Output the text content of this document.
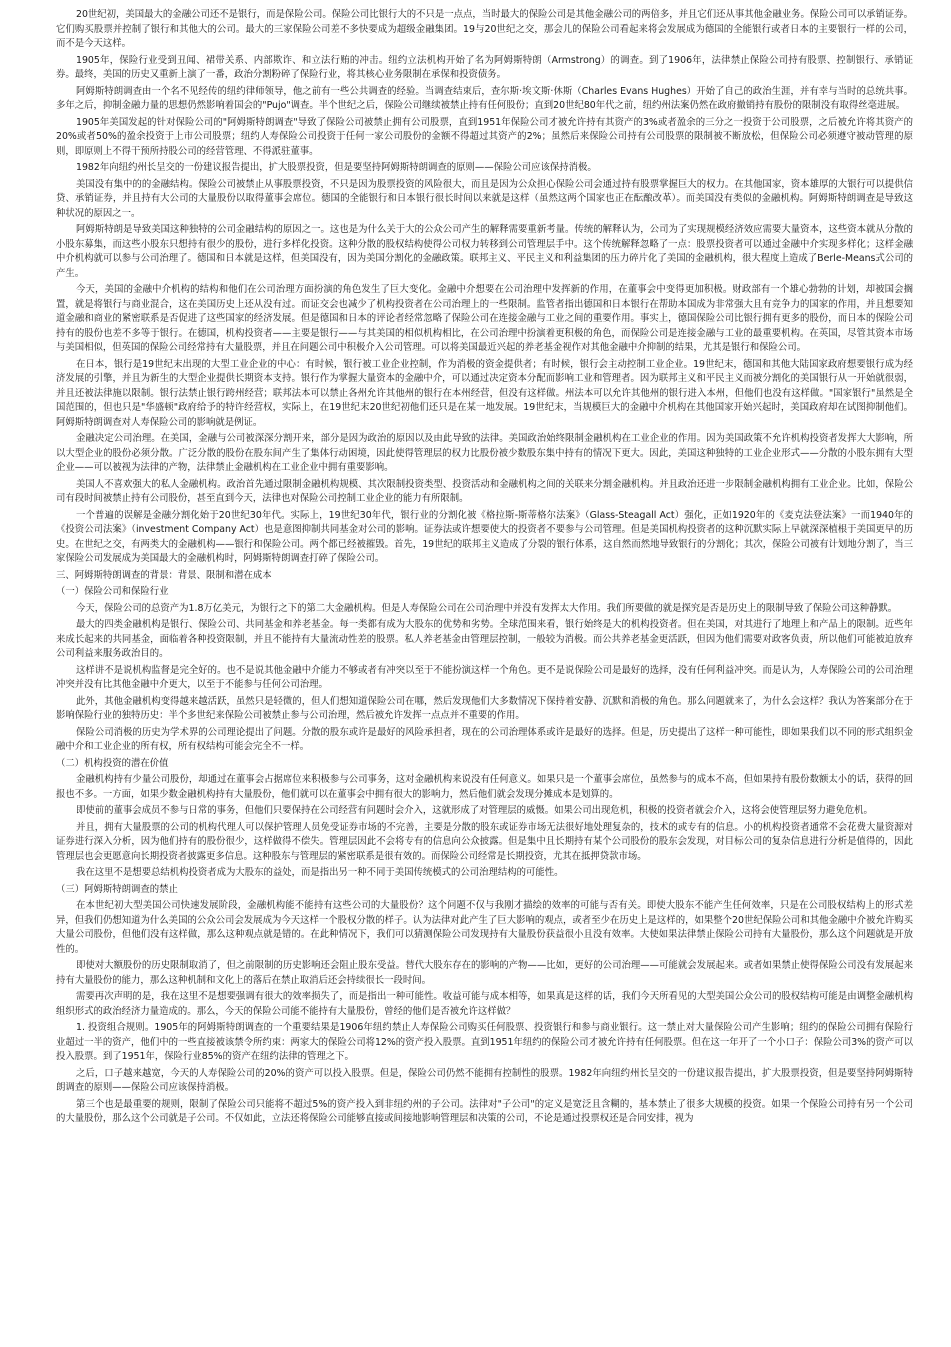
20世纪初，美国最大的金融公司还不是银行，而是保险公司。保险公司比银行大的不只是一点点，当时最大的保险公司是其他金融公司的两倍多，并且它们还从事其他金融业务。保险公司可以承销证券。它们购买股票并控制了银行和其他大的公司。最大的三家保险公司差不多快要成为超级金融集团。19与20世纪之交，那会儿的保险公司看起来将会发展成为德国的全能银行或者日本的主要银行一样的公司，而不是今天这样。

1905年，保险行业受到丑闻、裙带关系、内部欺诈、和立法行贿的冲击。纽约立法机构开始了名为阿姆斯特朗（Armstrong）的调查。到了1906年，法律禁止保险公司持有股票、控制银行、承销证券。最终，美国的历史又重新上演了一番，政治分割粉碎了保险行业，将其核心业务限制在承保和投资债务。

阿姆斯特朗调查由一个名不见经传的纽约律师领导，他之前有一些公共调查的经验。当调查结束后，查尔斯·埃文斯·休斯（Charles Evans Hughes）开始了自己的政治生涯，并有幸与当时的总统共事。多年之后，抑制金融力量的思想仍然影响着国会的"Pujo"调查。半个世纪之后，保险公司继续被禁止持有任何股份；直到20世纪80年代之前，纽约州法案仍然在政府撤销持有股份的限制没有取得丝毫进展。

1905年美国发起的针对保险公司的"阿姆斯特朗调查"导致了保险公司被禁止拥有公司股票，直到1951年保险公司才被允许持有其资产的3%或者盈余的三分之一投资于公司股票，之后被允许将其资产的20%或者50%的盈余投资于上市公司股票；纽约人寿保险公司投资于任何一家公司股份的金额不得超过其资产的2%；虽然后来保险公司持有公司股票的限制被不断放松，但保险公司必须遵守被动管理的原则，即原则上不得干预所持股公司的经营管理、不得派驻董事。

1982年向纽约州长呈交的一份建议报告提出，扩大股票投资，但是要坚持阿姆斯特朗调查的原则——保险公司应该保持消极。

美国没有集中的的金融结构。保险公司被禁止从事股票投资，不只是因为股票投资的风险很大，而且是因为公众担心保险公司会通过持有股票掌握巨大的权力。在其他国家，资本雄厚的大银行可以提供信贷、承销证券，并且持有大公司的大量股份以取得董事会席位。德国的全能银行和日本银行很长时间以来就是这样（虽然这两个国家也正在酝酿改革）。而美国没有类似的金融机构。阿姆斯特朗调查是导致这种状况的原因之一。

阿姆斯特朗是导致美国这种独特的公司金融结构的原因之一。这也是为什么关于大的公众公司产生的解释需要重新考量。传统的解释认为，公司为了实现规模经济效应需要大量资本，这些资本就从分散的小股东募集，而这些小股东只想持有很少的股份，进行多样化投资。这种分散的股权结构使得公司权力转移到公司管理层手中。这个传统解释忽略了一点：股票投资者可以通过金融中介实现多样化；这样金融中介机构就可以参与公司治理了。德国和日本就是这样，但美国没有，因为美国分割化的金融政策。联邦主义、平民主义和利益集团的压力碎片化了美国的金融机构，很大程度上造成了Berle-Means式公司的产生。

今天，美国的金融中介机构的结构和他们在公司治理方面扮演的角色发生了巨大变化。金融中介想要在公司治理中发挥新的作用，在董事会中变得更加积极。财政部有一个雄心勃勃的计划，却被国会搁置，就是将银行与商业混合，这在美国历史上还从没有过。而证交会也减少了机构投资者在公司治理上的一些限制。监管者指出德国和日本银行在帮助本国成为非常强大且有竞争力的国家的作用，并且想要知道金融和商业的紧密联系是否促进了这些国家的经济发展。但是德国和日本的评论者经常忽略了保险公司在连接金融与工业之间的重要作用。事实上，德国保险公司比银行拥有更多的股份，而日本的保险公司持有的股份也差不多等于银行。在德国，机构投资者——主要是银行——与其美国的相似机构相比，在公司治理中扮演着更积极的角色，而保险公司是连接金融与工业的最重要机构。在英国，尽管其资本市场与美国相似，但英国的保险公司经常持有大量股票，并且在问题公司中积极介入公司管理。可以将美国最近兴起的养老基金视作对其他金融中介抑制的结果，尤其是银行和保险公司。

在日本，银行是19世纪末出现的大型工业企业的中心：有时候，银行被工业企业控制，作为消极的资金提供者；有时候，银行会主动控制工业企业。19世纪末，德国和其他大陆国家政府想要银行成为经济发展的引擎，并且为新生的大型企业提供长期资本支持。银行作为掌握大量资本的金融中介，可以通过决定资本分配而影响工业和管理者。因为联邦主义和平民主义而被分割化的美国银行从一开始就很弱，并且还被法律施以限制。银行法禁止银行跨州经营；联邦法本可以禁止各州允许其他州的银行在本州经营，但没有这样做。州法本可以允许其他州的银行进入本州，但他们也没有这样做。"国家银行"虽然是全国范围的，但也只是"华盛顿"政府给予的特许经营权，实际上，在19世纪末20世纪初他们还只是在某一地发展。19世纪末，当规模巨大的金融中介机构在其他国家开始兴起时，美国政府却在试图抑制他们。阿姆斯特朗调查对人寿保险公司的影响就是例证。

金融决定公司治理。在美国，金融与公司被深深分割开来，部分是因为政治的原因以及由此导致的法律。美国政治始终限制金融机构在工业企业的作用。因为美国政策不允许机构投资者发挥大大影响，所以大型企业的股份必须分散。广泛分散的股份在股东间产生了集体行动困境，因此使得管理层的权力比股份被少数股东集中持有的情况下更大。因此，美国这种独特的工业企业形式——分散的小股东拥有大型企业——可以被视为法律的产物，法律禁止金融机构在工业企业中拥有重要影响。

美国人不喜欢强大的私人金融机构。政治首先通过限制金融机构规模、其次限制投资类型、投资活动和金融机构之间的关联来分割金融机构。并且政治还进一步限制金融机构拥有工业企业。比如，保险公司有段时间被禁止持有公司股份，甚至直到今天，法律也对保险公司控制工业企业的能力有所限制。

一个普遍的误解是金融分割化始于20世纪30年代。实际上，19世纪30年代，银行业的分割化被《格拉斯-斯蒂格尔法案》（Glass-Steagall Act）强化，正如1920年的《麦克法登法案》一而1940年的《投资公司法案》（investment Company Act）也是意图抑制共同基金对公司的影响。证券法或许想要使大的投资者不要参与公司管理。但是美国机构投资者的这种沉默实际上早就深深植根于美国更早的历史。在世纪之交，有两类大的金融机构——银行和保险公司。两个都已经被摧毁。首先，19世纪的联邦主义造成了分裂的银行体系，这自然而然地导致银行的分割化；其次，保险公司被有计划地分割了，当三家保险公司发展成为美国最大的金融机构时，阿姆斯特朗调查打碎了保险公司。

三、阿姆斯特朗调查的背景：背景、限制和潜在成本

（一）保险公司和保险行业

今天，保险公司的总资产为1.8万亿美元，为银行之下的第二大金融机构。但是人寿保险公司在公司治理中并没有发挥太大作用。我们所要做的就是探究是否是历史上的限制导致了保险公司这种静默。

最大的四类金融机构是银行、保险公司、共同基金和养老基金。每一类都有成为大股东的优势和劣势。全球范围来看，银行始终是大的机构投资者。但在美国，对其进行了地理上和产品上的限制。近些年来成长起来的共同基金，面临着各种投资限制，并且不能持有大量流动性差的股票。私人养老基金由管理层控制，一般较为消极。而公共养老基金更活跃，但因为他们需要对政客负责，所以他们可能被迫放弃公司利益来服务政治目的。

这样讲不是说机构监督是完全好的。也不是说其他金融中介能力不够或者有冲突以至于不能扮演这样一个角色。更不是说保险公司是最好的选择，没有任何利益冲突。而是认为，人寿保险公司的公司治理冲突并没有比其他金融中介更大，以至于不能参与任何公司治理。

此外，其他金融机构变得越来越活跃，虽然只是轻微的，但人们想知道保险公司在哪，然后发现他们大多数情况下保持着安静、沉默和消极的角色。那么问题就来了，为什么会这样？我认为答案部分在于影响保险行业的独特历史：半个多世纪来保险公司被禁止参与公司治理，然后被允许发挥一点点并不重要的作用。

保险公司消极的历史为学术界的公司理论提出了问题。分散的股东或许是最好的风险承担者，现在的公司治理体系或许是最好的选择。但是，历史提出了这样一种可能性，即如果我们以不同的形式组织金融中介和工业企业的所有权，所有权结构可能会完全不一样。

（二）机构投资的潜在价值

金融机构持有少量公司股份，却通过在董事会占据席位来积极参与公司事务，这对金融机构来说没有任何意义。如果只是一个董事会席位，虽然参与的成本不高，但如果持有股份数额太小的话，获得的回报也不多。一方面，如果少数金融机构持有大量股份，他们就可以在董事会中拥有很大的影响力，然后他们就会发现分摊成本是划算的。

即使前的董事会成员不参与日常的事务，但他们只要保持在公司经营有问题时会介入，这就形成了对管理层的威慑。如果公司出现危机，积极的投资者就会介入，这将会使管理层努力避免危机。

并且，拥有大量股票的公司的机构代理人可以保护管理人员免受证券市场的不完善，主要是分散的股东或证券市场无法很好地处理复杂的，技术的或专有的信息。小的机构投资者通常不会花费大量资源对证券进行深入分析，因为他们持有的股份很少，这样做得不偿失。管理层因此不会将专有的信息向公众披露。但是集中且长期持有某个公司股份的股东会发现，对目标公司的复杂信息进行分析是值得的，因此管理层也会更愿意向长期投资者披露更多信息。这种股东与管理层的紧密联系是很有效的。而保险公司经常是长期投资，尤其在抵押贷款市场。

我在这里不是想要总结机构投资者成为大股东的益处，而是指出另一种不同于美国传统模式的公司治理结构的可能性。

（三）阿姆斯特朗调查的禁止

在本世纪初大型美国公司快速发展阶段，金融机构能不能持有这些公司的大量股份？这个问题不仅与我刚才描绘的效率的可能与否有关。即使大股东不能产生任何效率，只是在公司股权结构上的形式差异，但我们仍想知道为什么美国的公众公司会发展成为今天这样一个股权分散的样子。认为法律对此产生了巨大影响的观点，或者至少在历史上是这样的，如果整个20世纪保险公司和其他金融中介被允许购买大量公司股份，但他们没有这样做，那么这种观点就是错的。在此种情况下，我们可以猜测保险公司发现持有大量股份获益很小且没有效率。大使如果法律禁止保险公司持有大量股份，那么这个问题就是开放性的。

即使对大额股份的历史限制取消了，但之前限制的历史影响还会阻止股东受益。替代大股东存在的影响的产物——比如，更好的公司治理——可能就会发展起来。或者如果禁止使得保险公司没有发展起来持有大量股份的能力，那么这种机制和文化上的落后在禁止取消后还会持续很长一段时间。

需要再次声明的是，我在这里不是想要强调有很大的效率损失了，而是指出一种可能性。收益可能与成本相等，如果真是这样的话，我们今天所看见的大型美国公众公司的股权结构可能是由调整金融机构组织形式的政治经济力量造成的。那么，今天的保险公司能不能持有大量股份，曾经的他们是否被允许这样做？

1. 投资组合规则。1905年的阿姆斯特朗调查的一个重要结果是1906年纽约禁止人寿保险公司购买任何股票、投资银行和参与商业银行。这一禁止对大量保险公司产生影响；纽约的保险公司拥有保险行业超过一半的资产，他们中的一些直接被该禁令所约束：两家大的保险公司将12%的资产投入股票。直到1951年纽约的保险公司才被允许持有任何股票。但在这一年开了一个小口子：保险公司3%的资产可以投入股票。到了1951年，保险行业85%的资产在纽约法律的管理之下。

之后，口子越来越宽，今天的人寿保险公司的20%的资产可以投入股票。但是，保险公司仍然不能拥有控制性的股票。1982年向纽约州长呈交的一份建议报告提出，扩大股票投资，但是要坚持阿姆斯特朗调查的原则——保险公司应该保持消极。

第三个也是最重要的规则，限制了保险公司只能将不超过5%的资产投入到非纽约州的子公司。法律对"子公司"的定义是宽泛且含糊的，基本禁止了很多大规模的投资。如果一个保险公司持有另一个公司的大量股份，那么这个公司就是子公司。不仅如此，立法还将保险公司能够直接或间接地影响管理层和决策的公司，不论是通过投票权还是合同安排，视为
